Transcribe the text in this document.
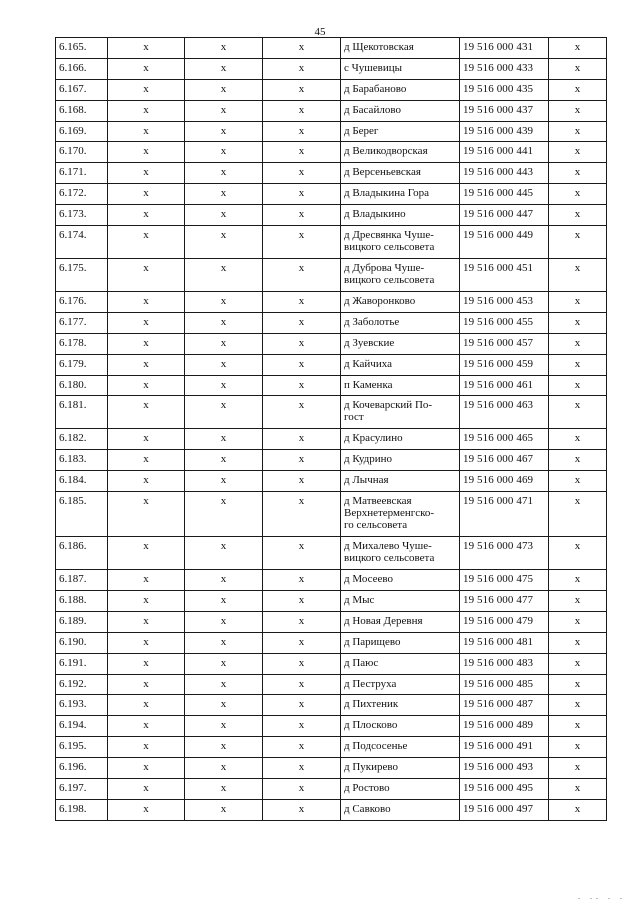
45
6.165.	x	x	x	д Щекотовская	19 516 000 431	x
6.166.	x	x	x	с Чушевицы	19 516 000 433	x
6.167.	x	x	x	д Барабаново	19 516 000 435	x
6.168.	x	x	x	д Басайлово	19 516 000 437	x
6.169.	x	x	x	д Берег	19 516 000 439	x
6.170.	x	x	x	д Великодворская	19 516 000 441	x
6.171.	x	x	x	д Версеньевская	19 516 000 443	x
6.172.	x	x	x	д Владыкина Гора	19 516 000 445	x
6.173.	x	x	x	д Владыкино	19 516 000 447	x
6.174.	x	x	x	д Дресвянка Чуше-
вицкого сельсовета	19 516 000 449	x
6.175.	x	x	x	д Дуброва Чуше-
вицкого сельсовета	19 516 000 451	x
6.176.	x	x	x	д Жаворонково	19 516 000 453	x
6.177.	x	x	x	д Заболотье	19 516 000 455	x
6.178.	x	x	x	д Зуевские	19 516 000 457	x
6.179.	x	x	x	д Кайчиха	19 516 000 459	x
6.180.	x	x	x	п Каменка	19 516 000 461	x
6.181.	x	x	x	д Кочеварский По-
гост	19 516 000 463	x
6.182.	x	x	x	д Красулино	19 516 000 465	x
6.183.	x	x	x	д Кудрино	19 516 000 467	x
6.184.	x	x	x	д Лычная	19 516 000 469	x
6.185.	x	x	x	д Матвеевская
Верхнетерменгско-
го сельсовета	19 516 000 471	x
6.186.	x	x	x	д Михалево Чуше-
вицкого сельсовета	19 516 000 473	x
6.187.	x	x	x	д Мосеево	19 516 000 475	x
6.188.	x	x	x	д Мыс	19 516 000 477	x
6.189.	x	x	x	д Новая Деревня	19 516 000 479	x
6.190.	x	x	x	д Парищево	19 516 000 481	x
6.191.	x	x	x	д Паюс	19 516 000 483	x
6.192.	x	x	x	д Пеструха	19 516 000 485	x
6.193.	x	x	x	д Пихтеник	19 516 000 487	x
6.194.	x	x	x	д Плосково	19 516 000 489	x
6.195.	x	x	x	д Подсосенье	19 516 000 491	x
6.196.	x	x	x	д Пукирево	19 516 000 493	x
6.197.	x	x	x	д Ростово	19 516 000 495	x
6.198.	x	x	x	д Савково	19 516 000 497	x
. .. . .
